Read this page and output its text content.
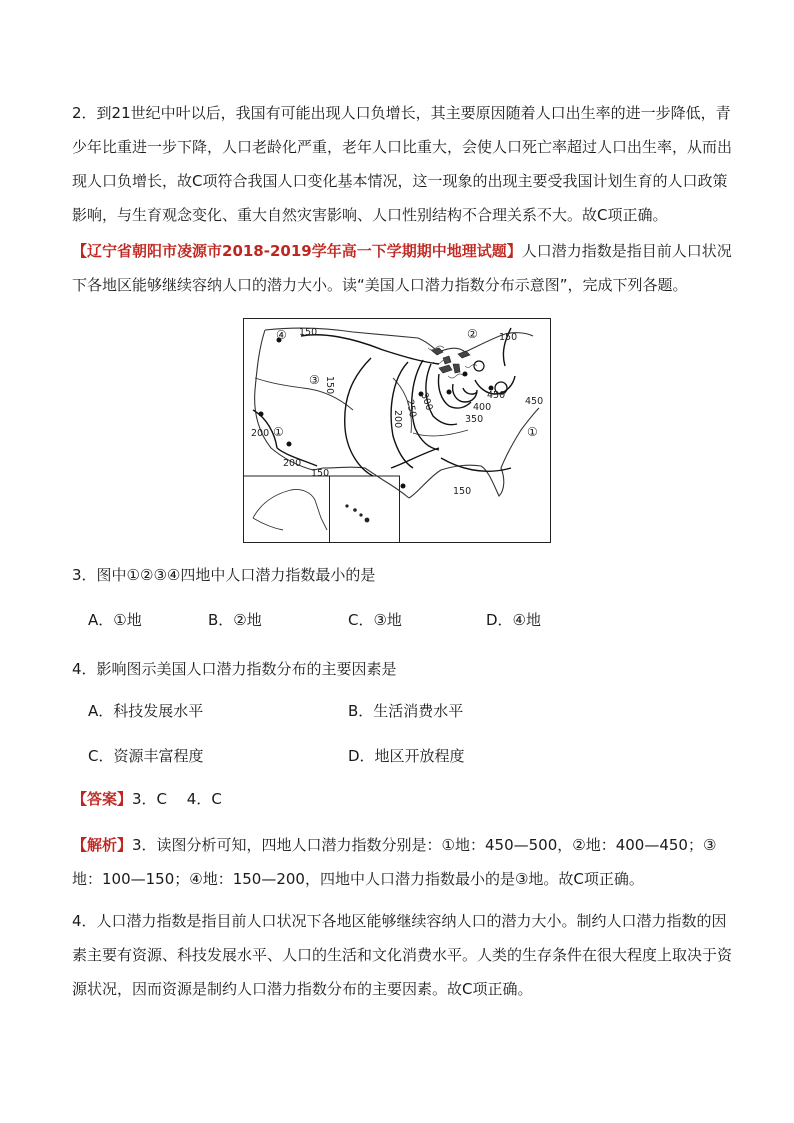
2．到21世纪中叶以后，我国有可能出现人口负增长，其主要原因随着人口出生率的进一步降低，青少年比重进一步下降，人口老龄化严重，老年人口比重大，会使人口死亡率超过人口出生率，从而出现人口负增长，故C项符合我国人口变化基本情况，这一现象的出现主要受我国计划生育的人口政策影响，与生育观念变化、重大自然灾害影响、人口性别结构不合理关系不大。故C项正确。

【辽宁省朝阳市凌源市2018-2019学年高一下学期期中地理试题】人口潜力指数是指目前人口状况下各地区能够继续容纳人口的潜力大小。读“美国人口潜力指数分布示意图”，完成下列各题。

150	150
150
200
250 300
350
400
450
450
200
200
150
150
①
②
③
④
①

3．图中①②③④四地中人口潜力指数最小的是

A．①地	B．②地	C．③地	D．④地

4．影响图示美国人口潜力指数分布的主要因素是

A．科技发展水平	B．生活消费水平
C．资源丰富程度	D．地区开放程度

【答案】3．C　 4．C

【解析】3．读图分析可知，四地人口潜力指数分别是：①地：450—500，②地：400—450；③地：100—150；④地：150—200，四地中人口潜力指数最小的是③地。故C项正确。

4．人口潜力指数是指目前人口状况下各地区能够继续容纳人口的潜力大小。制约人口潜力指数的因素主要有资源、科技发展水平、人口的生活和文化消费水平。人类的生存条件在很大程度上取决于资源状况，因而资源是制约人口潜力指数分布的主要因素。故C项正确。
